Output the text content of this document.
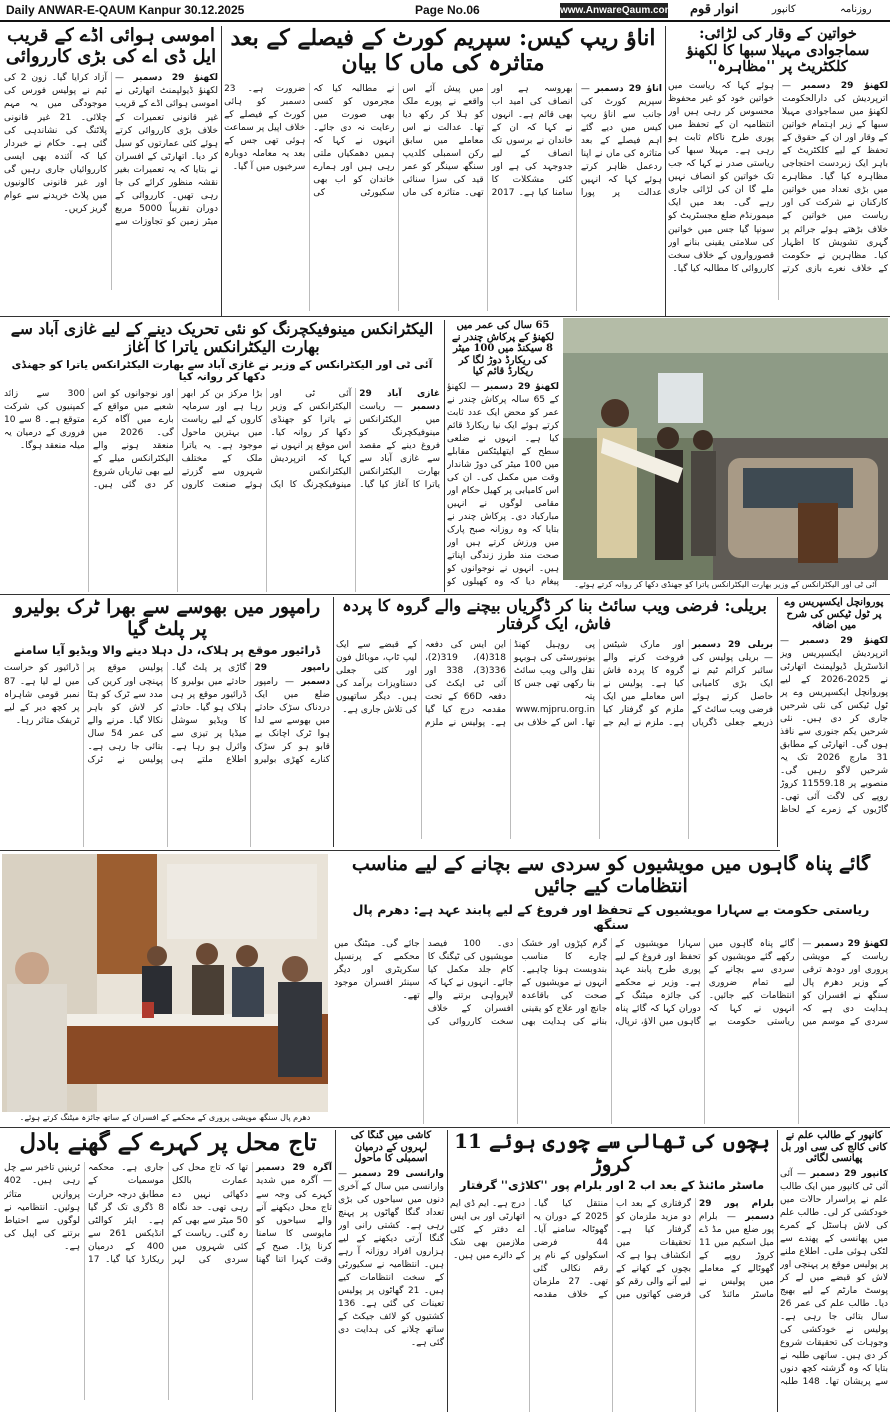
Daily ANWAR-E-QAUM Kanpur 30.12.2025	Page No.06	www.AnwareQaum.com انوار قوم	کانپور	روزنامہ
خواتین کے وقار کی لڑائی: سماجوادی مہیلا سبھا کا لکھنؤ کلکٹریٹ پر ''مظاہرہ''

لکھنؤ 29 دسمبر — اترپردیش کی دارالحکومت لکھنؤ میں سماجوادی مہیلا سبھا کے زیر اہتمام خواتین کے وقار اور ان کے حقوق کے تحفظ کے لیے کلکٹریٹ کے باہر ایک زبردست احتجاجی مظاہرہ کیا گیا۔ مظاہرے میں بڑی تعداد میں خواتین کارکنان نے شرکت کی اور ریاست میں خواتین کے خلاف بڑھتے ہوئے جرائم پر گہری تشویش کا اظہار کیا۔ مظاہرین نے حکومت کے خلاف نعرے بازی کرتے ہوئے کہا کہ ریاست میں خواتین خود کو غیر محفوظ محسوس کر رہی ہیں اور انتظامیہ ان کے تحفظ میں پوری طرح ناکام ثابت ہو رہی ہے۔ مہیلا سبھا کی ریاستی صدر نے کہا کہ جب تک خواتین کو انصاف نہیں ملے گا ان کی لڑائی جاری رہے گی۔ بعد میں ایک میمورنڈم ضلع مجسٹریٹ کو سونپا گیا جس میں خواتین کی سلامتی یقینی بنانے اور قصورواروں کے خلاف سخت کارروائی کا مطالبہ کیا گیا۔

اناؤ ریپ کیس: سپریم کورٹ کے فیصلے کے بعد متاثرہ کی ماں کا بیان

اناؤ 29 دسمبر — سپریم کورٹ کی جانب سے اناؤ ریپ کیس میں دیے گئے اہم فیصلے کے بعد متاثرہ کی ماں نے اپنا ردعمل ظاہر کرتے ہوئے کہا کہ انہیں عدالت پر پورا بھروسہ ہے اور انصاف کی امید اب بھی قائم ہے۔ انہوں نے کہا کہ ان کے خاندان نے برسوں تک انصاف کے لیے جدوجہد کی ہے اور کئی مشکلات کا سامنا کیا ہے۔ 2017 میں پیش آئے اس واقعے نے پورے ملک کو ہلا کر رکھ دیا تھا۔ عدالت نے اس معاملے میں سابق رکن اسمبلی کلدیپ سنگھ سینگر کو عمر قید کی سزا سنائی تھی۔ متاثرہ کی ماں نے مطالبہ کیا کہ مجرموں کو کسی بھی صورت میں رعایت نہ دی جائے۔ انہوں نے کہا کہ ہمیں دھمکیاں ملتی رہی ہیں اور ہمارے خاندان کو اب بھی سکیورٹی کی ضرورت ہے۔ 23 دسمبر کو ہائی کورٹ کے فیصلے کے خلاف اپیل پر سماعت ہوئی تھی جس کے بعد یہ معاملہ دوبارہ سرخیوں میں آ گیا۔

اموسی ہوائی اڈے کے قریب ایل ڈی اے کی بڑی کارروائی

لکھنؤ 29 دسمبر — لکھنؤ ڈیولپمنٹ اتھارٹی نے اموسی ہوائی اڈے کے قریب غیر قانونی تعمیرات کے خلاف بڑی کارروائی کرتے ہوئے کئی عمارتوں کو سیل کر دیا۔ اتھارٹی کے افسران نے بتایا کہ یہ تعمیرات بغیر نقشہ منظور کرائے کی جا رہی تھیں۔ کارروائی کے دوران تقریباً 5000 مربع میٹر زمین کو تجاوزات سے آزاد کرایا گیا۔ زون 2 کی ٹیم نے پولیس فورس کی موجودگی میں یہ مہم چلائی۔ 21 غیر قانونی پلاٹنگ کی نشاندہی کی گئی ہے۔ حکام نے خبردار کیا کہ آئندہ بھی ایسی کارروائیاں جاری رہیں گی اور غیر قانونی کالونیوں میں پلاٹ خریدنے سے عوام گریز کریں۔

آئی ٹی اور الیکٹرانکس کے وزیر بھارت الیکٹرانکس یاترا کو جھنڈی دکھا کر روانہ کرتے ہوئے۔
65 سال کی عمر میں لکھنؤ کے پرکاش چندر نے 8 سیکنڈ میں 100 میٹر کی ریکارڈ دوڑ لگا کر ریکارڈ قائم کیا

لکھنؤ 29 دسمبر — لکھنؤ کے 65 سالہ پرکاش چندر نے عمر کو محض ایک عدد ثابت کرتے ہوئے ایک نیا ریکارڈ قائم کیا ہے۔ انہوں نے ضلعی سطح کے ایتھلیٹکس مقابلے میں 100 میٹر کی دوڑ شاندار وقت میں مکمل کی۔ ان کی اس کامیابی پر کھیل حکام اور مقامی لوگوں نے انہیں مبارکباد دی۔ پرکاش چندر نے بتایا کہ وہ روزانہ صبح پارک میں ورزش کرتے ہیں اور صحت مند طرز زندگی اپناتے ہیں۔ انہوں نے نوجوانوں کو پیغام دیا کہ وہ کھیلوں کو

الیکٹرانکس مینوفیکچرنگ کو نئی تحریک دینے کے لیے غازی آباد سے بھارت الیکٹرانکس یاترا کا آغاز
آئی ٹی اور الیکٹرانکس کے وزیر نے غازی آباد سے بھارت الیکٹرانکس یاترا کو جھنڈی دکھا کر روانہ کیا

غازی آباد 29 دسمبر — ریاست میں الیکٹرانکس مینوفیکچرنگ کو فروغ دینے کے مقصد سے غازی آباد سے بھارت الیکٹرانکس یاترا کا آغاز کیا گیا۔ آئی ٹی اور الیکٹرانکس کے وزیر نے یاترا کو جھنڈی دکھا کر روانہ کیا۔ اس موقع پر انہوں نے کہا کہ اترپردیش الیکٹرانکس مینوفیکچرنگ کا ایک بڑا مرکز بن کر ابھر رہا ہے اور سرمایہ کاروں کے لیے ریاست میں بہترین ماحول موجود ہے۔ یہ یاترا ملک کے مختلف شہروں سے گزرتے ہوئے صنعت کاروں اور نوجوانوں کو اس شعبے میں مواقع کے بارے میں آگاہ کرے گی۔ 2026 میں منعقد ہونے والے الیکٹرانکس میلے کے لیے بھی تیاریاں شروع کر دی گئی ہیں۔ 300 سے زائد کمپنیوں کی شرکت متوقع ہے۔ 8 سے 10 فروری کے درمیان یہ میلہ منعقد ہوگا۔

پوروانچل ایکسپریس وے پر ٹول ٹیکس کی شرح میں اضافہ

لکھنؤ 29 دسمبر — اترپردیش ایکسپریس ویز انڈسٹریل ڈیولپمنٹ اتھارٹی نے 2025-2026 کے لیے پوروانچل ایکسپریس وے پر ٹول ٹیکس کی نئی شرحیں جاری کر دی ہیں۔ نئی شرحیں یکم جنوری سے نافذ ہوں گی۔ اتھارٹی کے مطابق 31 مارچ 2026 تک یہ شرحیں لاگو رہیں گی۔ منصوبے پر 11559.18 کروڑ روپے کی لاگت آئی تھی۔ گاڑیوں کے زمرے کے لحاظ

بریلی: فرضی ویب سائٹ بنا کر ڈگریاں بیچنے والے گروہ کا پردہ فاش، ایک گرفتار

بریلی 29 دسمبر — بریلی پولیس کی سائبر کرائم ٹیم نے ایک بڑی کامیابی حاصل کرتے ہوئے فرضی ویب سائٹ کے ذریعے جعلی ڈگریاں اور مارک شیٹس فروخت کرنے والے گروہ کا پردہ فاش کیا ہے۔ پولیس نے اس معاملے میں ایک ملزم کو گرفتار کیا ہے۔ ملزم نے ایم جے پی روہیل کھنڈ یونیورسٹی کی ہوبہو نقل والی ویب سائٹ بنا رکھی تھی جس کا پتہ www.mjpru.org.in تھا۔ اس کے خلاف بی این ایس کی دفعہ 318(4)، 319(2)، 336(3)، 338 اور آئی ٹی ایکٹ کی دفعہ 66D کے تحت مقدمہ درج کیا گیا ہے۔ پولیس نے ملزم کے قبضے سے ایک لیپ ٹاپ، موبائل فون اور کئی جعلی دستاویزات برآمد کی ہیں۔ دیگر ساتھیوں کی تلاش جاری ہے۔

رامپور میں بھوسے سے بھرا ٹرک بولیرو پر پلٹ گیا
ڈرائیور موقع پر ہلاک، دل دہلا دینے والا ویڈیو آیا سامنے

رامپور 29 دسمبر — رامپور ضلع میں ایک دردناک سڑک حادثے میں بھوسے سے لدا ہوا ٹرک اچانک بے قابو ہو کر سڑک کنارے کھڑی بولیرو گاڑی پر پلٹ گیا۔ حادثے میں بولیرو کا ڈرائیور موقع پر ہی ہلاک ہو گیا۔ حادثے کا ویڈیو سوشل میڈیا پر تیزی سے وائرل ہو رہا ہے۔ اطلاع ملتے ہی پولیس موقع پر پہنچی اور کرین کی مدد سے ٹرک کو ہٹا کر لاش کو باہر نکالا گیا۔ مرنے والے کی عمر 54 سال بتائی جا رہی ہے۔ پولیس نے ٹرک ڈرائیور کو حراست میں لے لیا ہے۔ 87 نمبر قومی شاہراہ پر کچھ دیر کے لیے ٹریفک متاثر رہا۔

دھرم پال سنگھ مویشی پروری کے محکمے کے افسران کے ساتھ جائزہ میٹنگ کرتے ہوئے۔
گائے پناہ گاہوں میں مویشیوں کو سردی سے بچانے کے لیے مناسب انتظامات کیے جائیں
ریاستی حکومت بے سہارا مویشیوں کے تحفظ اور فروغ کے لیے پابند عہد ہے: دھرم پال سنگھ

لکھنؤ 29 دسمبر — ریاست کے مویشی پروری اور دودھ ترقی کے وزیر دھرم پال سنگھ نے افسران کو ہدایت دی ہے کہ سردی کے موسم میں گائے پناہ گاہوں میں رکھے گئے مویشیوں کو سردی سے بچانے کے لیے تمام ضروری انتظامات کیے جائیں۔ انہوں نے کہا کہ ریاستی حکومت بے سہارا مویشیوں کے تحفظ اور فروغ کے لیے پوری طرح پابند عہد ہے۔ وزیر نے محکمے کی جائزہ میٹنگ کے دوران کہا کہ گائے پناہ گاہوں میں الاؤ، ترپال، گرم کپڑوں اور خشک چارے کا مناسب بندوبست ہونا چاہیے۔ انہوں نے مویشیوں کے صحت کی باقاعدہ جانچ اور علاج کو یقینی بنانے کی ہدایت بھی دی۔ 100 فیصد مویشیوں کی ٹیگنگ کا کام جلد مکمل کیا جائے۔ انہوں نے کہا کہ لاپرواہی برتنے والے افسران کے خلاف سخت کارروائی کی جائے گی۔ میٹنگ میں محکمے کے پرنسپل سکریٹری اور دیگر سینئر افسران موجود تھے۔

کانپور کے طالب علم نے کانی کالج کی سی اور بل پھانسی لگائی

کانپور 29 دسمبر — آئی آئی ٹی کانپور میں ایک طالب علم نے پراسرار حالات میں خودکشی کر لی۔ طالب علم کی لاش ہاسٹل کے کمرے میں پھانسی کے پھندے سے لٹکی ہوئی ملی۔ اطلاع ملنے پر پولیس موقع پر پہنچی اور لاش کو قبضے میں لے کر پوسٹ مارٹم کے لیے بھیج دیا۔ طالب علم کی عمر 26 سال بتائی جا رہی ہے۔ پولیس نے خودکشی کی وجوہات کی تحقیقات شروع کر دی ہیں۔ ساتھی طلبہ نے بتایا کہ وہ گزشتہ کچھ دنوں سے پریشان تھا۔ 148 طلبہ

بچوں کی تھالی سے چوری ہوئے 11 کروڑ
ماسٹر مائنڈ کے بعد اب 2 اور بلرام پور ''کلاڑی'' گرفتار

بلرام پور 29 دسمبر — بلرام پور ضلع میں مڈ ڈے میل اسکیم میں 11 کروڑ روپے کے گھوٹالے کے معاملے میں پولیس نے ماسٹر مائنڈ کی گرفتاری کے بعد اب دو مزید ملزمان کو گرفتار کیا ہے۔ تحقیقات میں انکشاف ہوا ہے کہ بچوں کے کھانے کے لیے آنے والی رقم کو فرضی کھاتوں میں منتقل کیا گیا۔ 2025 کے دوران یہ گھوٹالہ سامنے آیا۔ 44 فرضی اسکولوں کے نام پر رقم نکالی گئی تھی۔ 27 ملزمان کے خلاف مقدمہ درج ہے۔ ایم ڈی ایم اتھارٹی اور بی ایس اے دفتر کے کئی ملازمین بھی شک کے دائرے میں ہیں۔

کاشی میں گنگا کی لہروں کے درمیان اسمبلی کا ماحول

وارانسی 29 دسمبر — وارانسی میں سال کے آخری دنوں میں سیاحوں کی بڑی تعداد گنگا گھاٹوں پر پہنچ رہی ہے۔ کشتی رانی اور گنگا آرتی دیکھنے کے لیے ہزاروں افراد روزانہ آ رہے ہیں۔ انتظامیہ نے سکیورٹی کے سخت انتظامات کیے ہیں۔ 21 گھاٹوں پر پولیس تعینات کی گئی ہے۔ 136 کشتیوں کو لائف جیکٹ کے ساتھ چلانے کی ہدایت دی گئی ہے۔

تاج محل پر کہرے کے گھنے بادل

آگرہ 29 دسمبر — آگرہ میں شدید کہرے کی وجہ سے تاج محل دیکھنے آنے والے سیاحوں کو مایوسی کا سامنا کرنا پڑا۔ صبح کے وقت کہرا اتنا گھنا تھا کہ تاج محل کی عمارت بالکل دکھائی نہیں دے رہی تھی۔ حد نگاہ 50 میٹر سے بھی کم رہ گئی۔ ریاست کے کئی شہروں میں سردی کی لہر جاری ہے۔ محکمہ موسمیات کے مطابق درجہ حرارت 8 ڈگری تک گر گیا ہے۔ ایئر کوالٹی انڈیکس 261 سے 400 کے درمیان ریکارڈ کیا گیا۔ 17 ٹرینیں تاخیر سے چل رہی ہیں۔ 402 پروازیں متاثر ہوئیں۔ انتظامیہ نے لوگوں سے احتیاط برتنے کی اپیل کی ہے۔
